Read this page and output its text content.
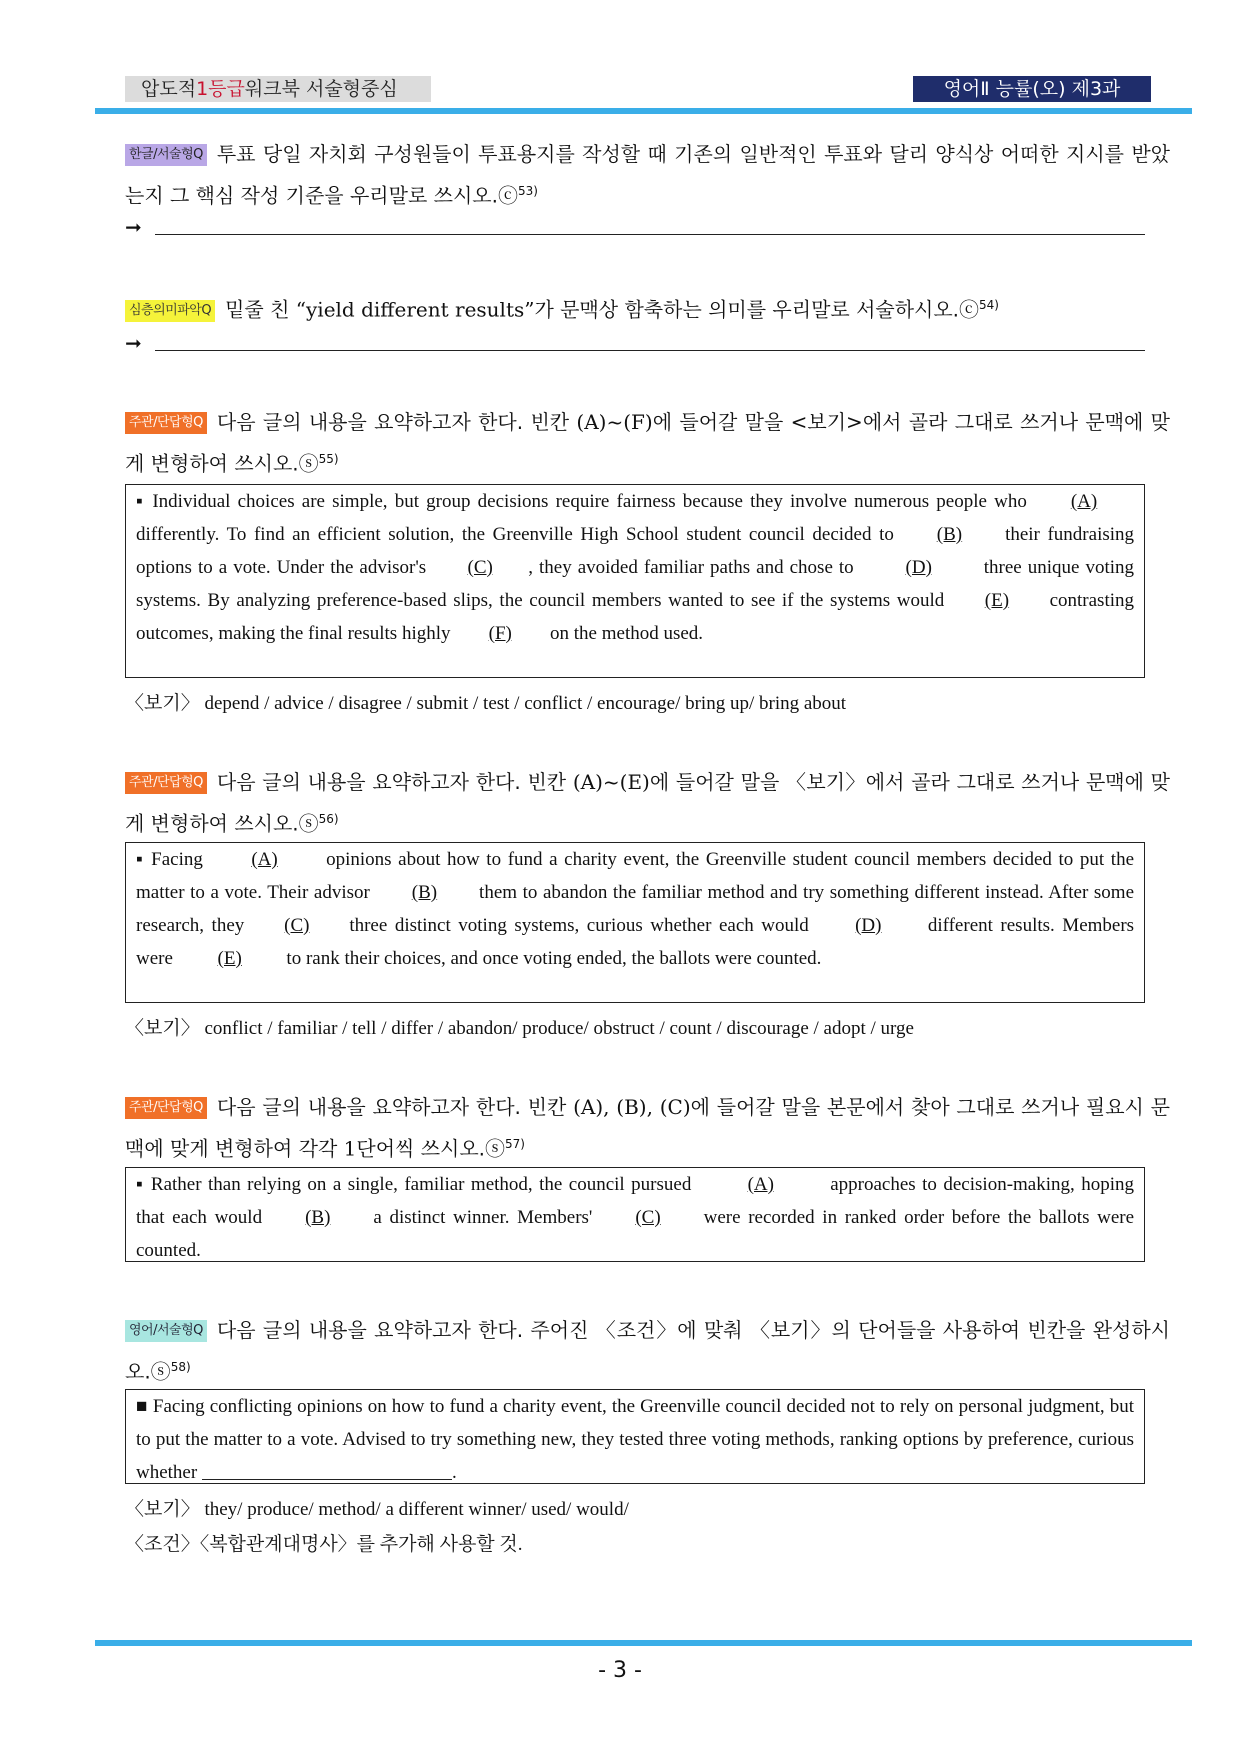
압도적1등급워크북 서술형중심	영어Ⅱ 능률(오) 제3과
한글/서술형Q 투표 당일 자치회 구성원들이 투표용지를 작성할 때 기존의 일반적인 투표와 달리 양식상 어떠한 지시를 받았는지 그 핵심 작성 기준을 우리말로 쓰시오.ⓒ$^{53)}$
➞
심층의미파악Q 밑줄 친 “yield different results”가 문맥상 함축하는 의미를 우리말로 서술하시오.ⓒ$^{54)}$
➞
주관/단답형Q 다음 글의 내용을 요약하고자 한다. 빈칸 (A)~(F)에 들어갈 말을 <보기>에서 골라 그대로 쓰거나 문맥에 맞게 변형하여 쓰시오.ⓢ$^{55)}$
▪ Individual choices are simple, but group decisions require fairness because they involve numerous people who (A) differently. To find an efficient solution, the Greenville High School student council decided to (B) their fundraising options to a vote. Under the advisor's (C) , they avoided familiar paths and chose to	(D)	three unique voting systems. By analyzing preference-based slips, the council members wanted to see if the systems would (E) contrasting outcomes, making the final results highly (F) on the method used.
〈보기〉 depend / advice / disagree / submit / test / conflict / encourage/ bring up/ bring about
주관/단답형Q 다음 글의 내용을 요약하고자 한다. 빈칸 (A)~(E)에 들어갈 말을 〈보기〉에서 골라 그대로 쓰거나 문맥에 맞게 변형하여 쓰시오.ⓢ$^{56)}$
▪ Facing	(A)	opinions about how to fund a charity event, the Greenville student council members decided to put the matter to a vote. Their advisor (B) them to abandon the familiar method and try something different instead. After some research, they (C) three distinct voting systems, curious whether each would (D) different results. Members were (E) to rank their choices, and once voting ended, the ballots were counted.
〈보기〉 conflict / familiar / tell / differ / abandon/ produce/ obstruct / count / discourage / adopt / urge
주관/단답형Q 다음 글의 내용을 요약하고자 한다. 빈칸 (A), (B), (C)에 들어갈 말을 본문에서 찾아 그대로 쓰거나 필요시 문맥에 맞게 변형하여 각각 1단어씩 쓰시오.ⓢ$^{57)}$
▪ Rather than relying on a single, familiar method, the council pursued	(A)	approaches to decision-making, hoping that each would (B) a distinct winner. Members' (C) were recorded in ranked order before the ballots were counted.
영어/서술형Q 다음 글의 내용을 요약하고자 한다. 주어진 〈조건〉에 맞춰 〈보기〉의 단어들을 사용하여 빈칸을 완성하시오.ⓢ$^{58)}$
■ Facing conflicting opinions on how to fund a charity event, the Greenville council decided not to rely on personal judgment, but to put the matter to a vote. Advised to try something new, they tested three voting methods, ranking options by preference, curious whether	.
〈보기〉 they/ produce/ method/ a different winner/ used/ would/
〈조건〉〈복합관계대명사〉를 추가해 사용할 것.
- 3 -
